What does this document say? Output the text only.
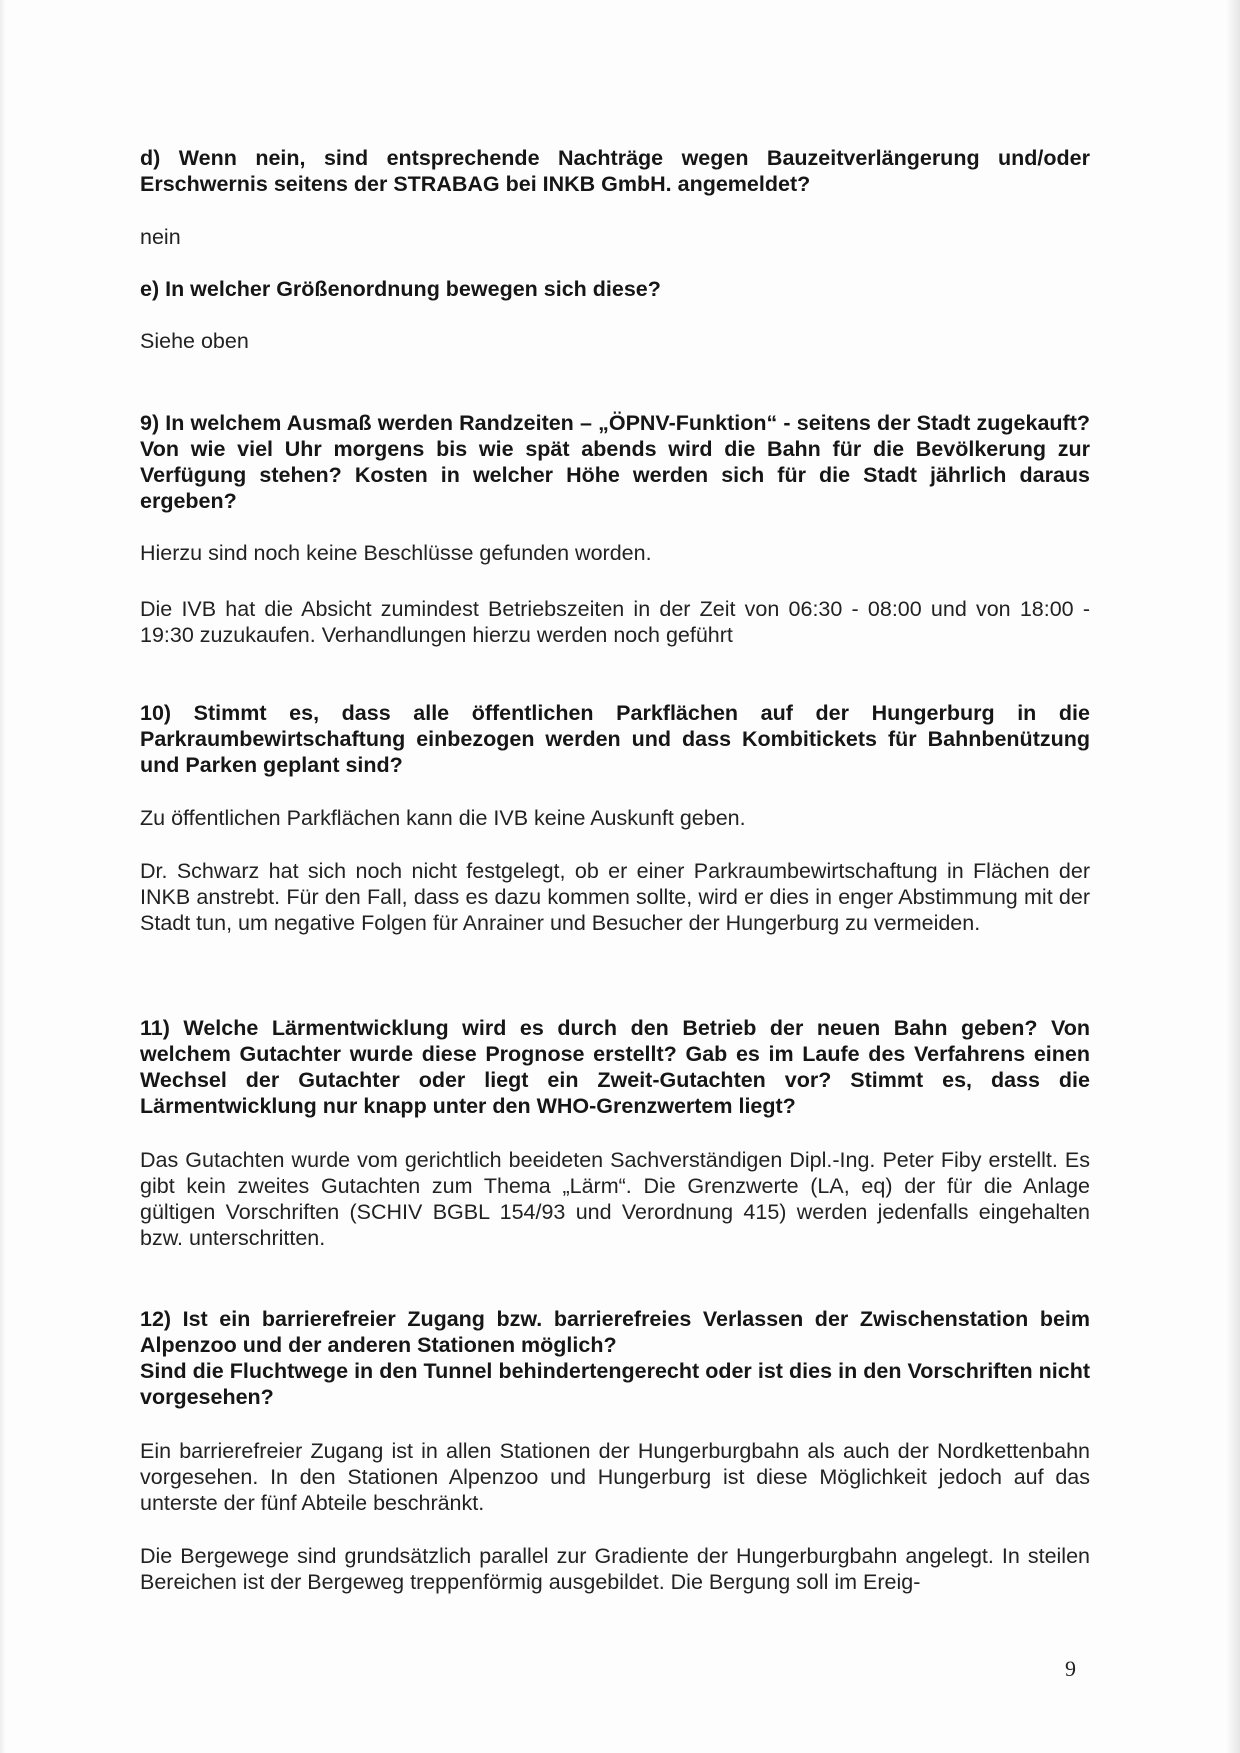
d) Wenn nein, sind entsprechende Nachträge wegen Bauzeitverlängerung und/oder Erschwernis seitens der STRABAG bei INKB GmbH. angemeldet?

nein

e) In welcher Größenordnung bewegen sich diese?

Siehe oben

9) In welchem Ausmaß werden Randzeiten – „ÖPNV-Funktion“ - seitens der Stadt zugekauft? Von wie viel Uhr morgens bis wie spät abends wird die Bahn für die Bevölkerung zur Verfügung stehen? Kosten in welcher Höhe werden sich für die Stadt jährlich daraus ergeben?

Hierzu sind noch keine Beschlüsse gefunden worden.

Die IVB hat die Absicht zumindest Betriebszeiten in der Zeit von 06:30 - 08:00 und von 18:00 - 19:30 zuzukaufen. Verhandlungen hierzu werden noch geführt

10) Stimmt es, dass alle öffentlichen Parkflächen auf der Hungerburg in die Parkraumbewirtschaftung einbezogen werden und dass Kombitickets für Bahnbenützung und Parken geplant sind?

Zu öffentlichen Parkflächen kann die IVB keine Auskunft geben.

Dr. Schwarz hat sich noch nicht festgelegt, ob er einer Parkraumbewirtschaftung in Flächen der INKB anstrebt. Für den Fall, dass es dazu kommen sollte, wird er dies in enger Abstimmung mit der Stadt tun, um negative Folgen für Anrainer und Besucher der Hungerburg zu vermeiden.

11) Welche Lärmentwicklung wird es durch den Betrieb der neuen Bahn geben? Von welchem Gutachter wurde diese Prognose erstellt? Gab es im Laufe des Verfahrens einen Wechsel der Gutachter oder liegt ein Zweit-Gutachten vor? Stimmt es, dass die Lärmentwicklung nur knapp unter den WHO-Grenzwertem liegt?

Das Gutachten wurde vom gerichtlich beeideten Sachverständigen Dipl.-Ing. Peter Fiby erstellt. Es gibt kein zweites Gutachten zum Thema „Lärm“. Die Grenzwerte (LA, eq) der für die Anlage gültigen Vorschriften (SCHIV BGBL 154/93 und Verordnung 415) werden jedenfalls eingehalten bzw. unterschritten.

12) Ist ein barrierefreier Zugang bzw. barrierefreies Verlassen der Zwischenstation beim Alpenzoo und der anderen Stationen möglich?

Sind die Fluchtwege in den Tunnel behindertengerecht oder ist dies in den Vorschriften nicht vorgesehen?

Ein barrierefreier Zugang ist in allen Stationen der Hungerburgbahn als auch der Nordkettenbahn vorgesehen. In den Stationen Alpenzoo und Hungerburg ist diese Möglichkeit jedoch auf das unterste der fünf Abteile beschränkt.

Die Bergewege sind grundsätzlich parallel zur Gradiente der Hungerburgbahn angelegt. In steilen Bereichen ist der Bergeweg treppenförmig ausgebildet. Die Bergung soll im Ereig-

9
